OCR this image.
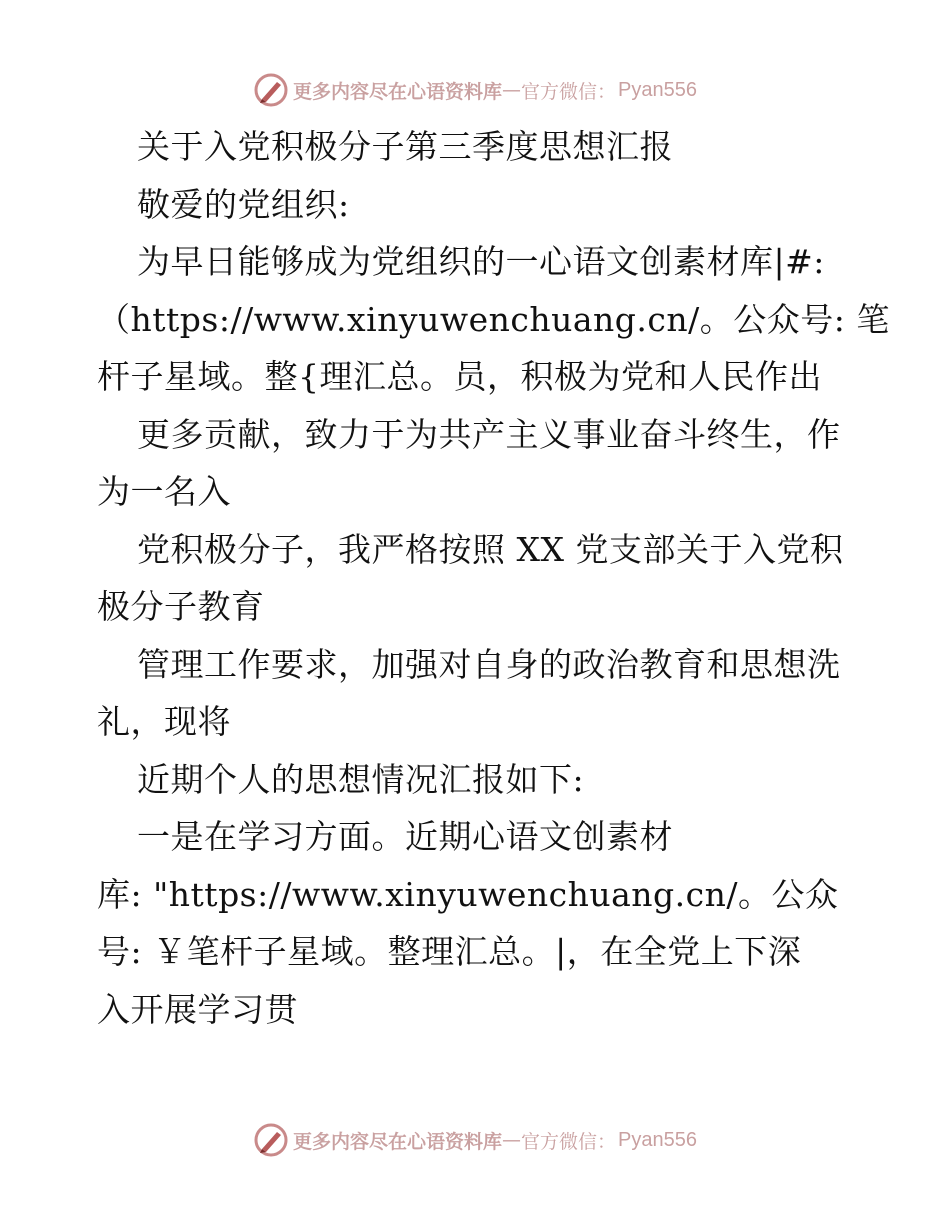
更多内容尽在心语资料库 — 官方微信： Pyan556
关于入党积极分子第三季度思想汇报
敬爱的党组织:
为早日能够成为党组织的一心语文创素材库|#:
（https://www.xinyuwenchuang.cn/。公众号: 笔
杆子星域。整{理汇总。员，积极为党和人民作出
更多贡献，致力于为共产主义事业奋斗终生，作
为一名入
党积极分子，我严格按照 XX 党支部关于入党积
极分子教育
管理工作要求，加强对自身的政治教育和思想洗
礼，现将
近期个人的思想情况汇报如下:
一是在学习方面。近期心语文创素材
库: "https://www.xinyuwenchuang.cn/。公众
号: ￥笔杆子星域。整理汇总。|，在全党上下深
入开展学习贯
更多内容尽在心语资料库 — 官方微信： Pyan556
